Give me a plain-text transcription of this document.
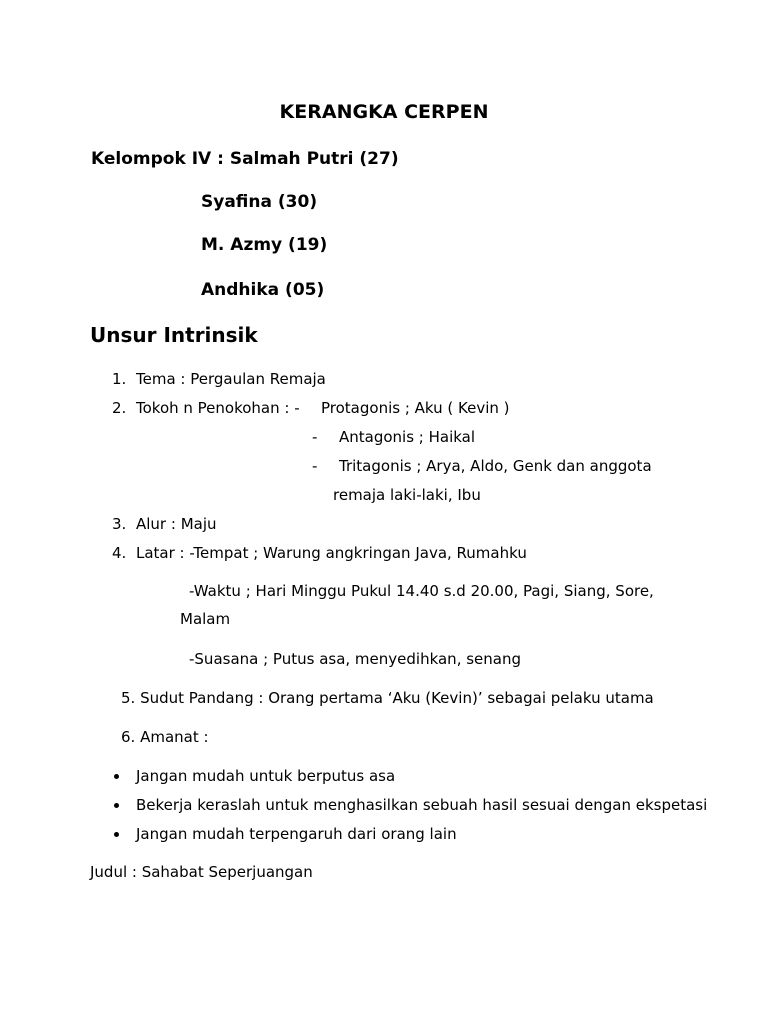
KERANGKA CERPEN
Kelompok IV : Salmah Putri (27)
Syafina (30)
M. Azmy (19)
Andhika (05)
Unsur Intrinsik
1. Tema : Pergaulan Remaja
2. Tokoh n Penokohan : - Protagonis ; Aku ( Kevin )
- Antagonis ; Haikal
- Tritagonis ; Arya, Aldo, Genk dan anggota
remaja laki-laki, Ibu
3. Alur : Maju
4. Latar : -Tempat ; Warung angkringan Java, Rumahku
-Waktu ; Hari Minggu Pukul 14.40 s.d 20.00, Pagi, Siang, Sore,
Malam
-Suasana ; Putus asa, menyedihkan, senang
5. Sudut Pandang : Orang pertama ‘Aku (Kevin)’ sebagai pelaku utama
6. Amanat :
Jangan mudah untuk berputus asa
Bekerja keraslah untuk menghasilkan sebuah hasil sesuai dengan ekspetasi
Jangan mudah terpengaruh dari orang lain
Judul : Sahabat Seperjuangan
